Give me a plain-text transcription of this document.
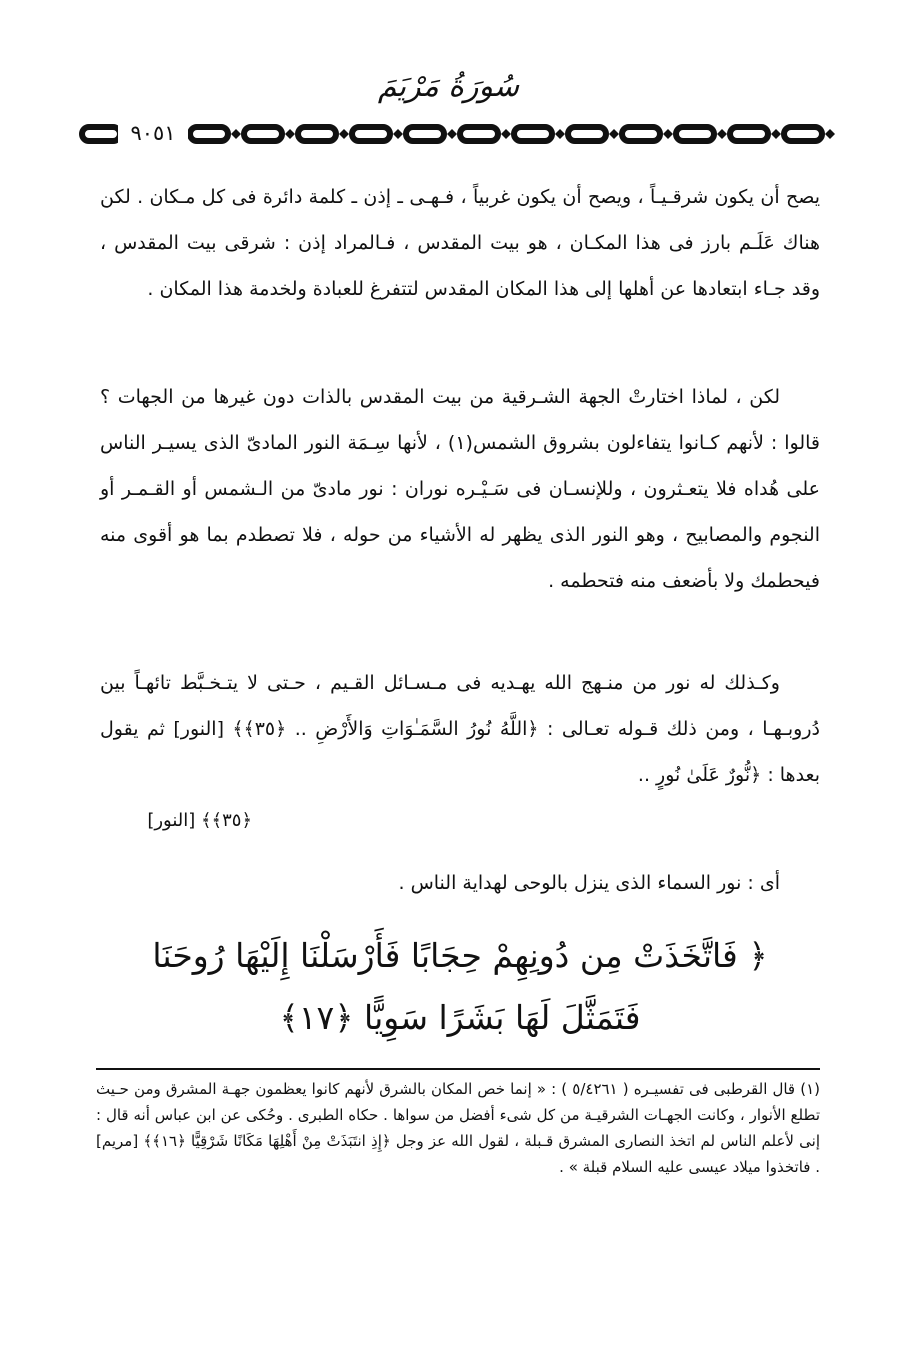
سُورَةُ مَرْيَمَ
٩٠٥١
يصح أن يكون شرقـيـاً ، ويصح أن يكون غربياً ، فـهـى ـ إذن ـ كلمة دائرة فى كل مـكان . لكن هناك عَلَـم بارز فى هذا المكـان ، هو بيت المقدس ، فـالمراد إذن : شرقى بيت المقدس ، وقد جـاء ابتعادها عن أهلها إلى هذا المكان المقدس لتتفرغ للعبادة ولخدمة هذا المكان .
لكن ، لماذا اختارتْ الجهة الشـرقية من بيت المقدس بالذات دون غيرها من الجهات ؟ قالوا : لأنهم كـانوا يتفاءلون بشروق الشمس(١) ، لأنها سِـمَة النور المادىّ الذى يسيـر الناس على هُداه فلا يتعـثرون ، وللإنسـان فى سَـيْـره نوران : نور مادىّ من الـشمس أو القـمـر أو النجوم والمصابيح ، وهو النور الذى يظهر له الأشياء من حوله ، فلا تصطدم بما هو أقوى منه فيحطمك ولا بأضعف منه فتحطمه .
وكـذلك له نور من منـهج الله يهـديه فى مـسـائل القـيم ، حـتى لا يتـخـبَّط تائهـاً بين دُروبـهـا ، ومن ذلك قـوله تعـالى : ﴿اللَّهُ نُورُ السَّمَـٰوَاتِ وَالأَرْضِ .. ﴿٣٥﴾﴾ [النور] ثم يقول بعدها : ﴿نُّورٌ عَلَىٰ نُورٍ ..
﴿٣٥﴾﴾ [النور]
أى : نور السماء الذى ينزل بالوحى لهداية الناس .
﴿ فَاتَّخَذَتْ مِن دُونِهِمْ حِجَابًا فَأَرْسَلْنَا إِلَيْهَا رُوحَنَا
فَتَمَثَّلَ لَهَا بَشَرًا سَوِيًّا ﴿١٧﴾
(١) قال القرطبى فى تفسيـره ( ٥/٤٢٦١ ) : « إنما خص المكان بالشرق لأنهم كانوا يعظمون جهـة المشرق ومن حـيث تطلع الأنوار ، وكانت الجهـات الشرقيـة من كل شىء أفضل من سواها . حكاه الطبرى . وحُكى عن ابن عباس أنه قال : إنى لأعلم الناس لم اتخذ النصارى المشرق قـبلة ، لقول الله عز وجل ﴿إِذِ انتَبَذَتْ مِنْ أَهْلِهَا مَكَانًا شَرْقِيًّا ﴿١٦﴾﴾ [مريم] . فاتخذوا ميلاد عيسى عليه السلام قبلة » .
